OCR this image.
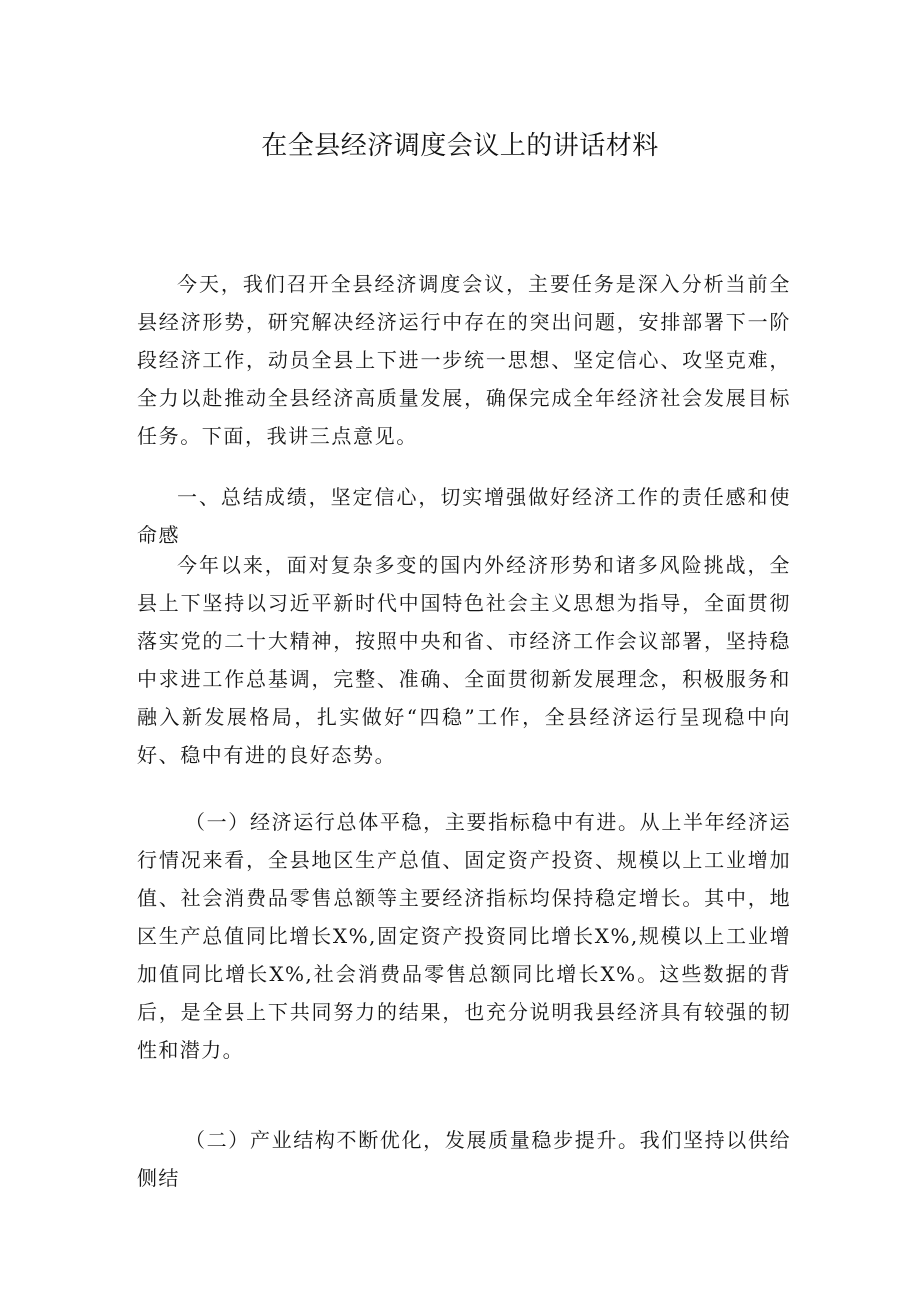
在全县经济调度会议上的讲话材料

今天，我们召开全县经济调度会议，主要任务是深入分析当前全县经济形势，研究解决经济运行中存在的突出问题，安排部署下一阶段经济工作，动员全县上下进一步统一思想、坚定信心、攻坚克难，全力以赴推动全县经济高质量发展，确保完成全年经济社会发展目标任务。下面，我讲三点意见。

一、总结成绩，坚定信心，切实增强做好经济工作的责任感和使命感

今年以来，面对复杂多变的国内外经济形势和诸多风险挑战，全县上下坚持以习近平新时代中国特色社会主义思想为指导，全面贯彻落实党的二十大精神，按照中央和省、市经济工作会议部署，坚持稳中求进工作总基调，完整、准确、全面贯彻新发展理念，积极服务和融入新发展格局，扎实做好“四稳”工作，全县经济运行呈现稳中向好、稳中有进的良好态势。

（一）经济运行总体平稳，主要指标稳中有进。从上半年经济运行情况来看，全县地区生产总值、固定资产投资、规模以上工业增加值、社会消费品零售总额等主要经济指标均保持稳定增长。其中，地区生产总值同比增长X%,固定资产投资同比增长X%,规模以上工业增加值同比增长X%,社会消费品零售总额同比增长X%。这些数据的背后，是全县上下共同努力的结果，也充分说明我县经济具有较强的韧性和潜力。

（二）产业结构不断优化，发展质量稳步提升。我们坚持以供给侧结
